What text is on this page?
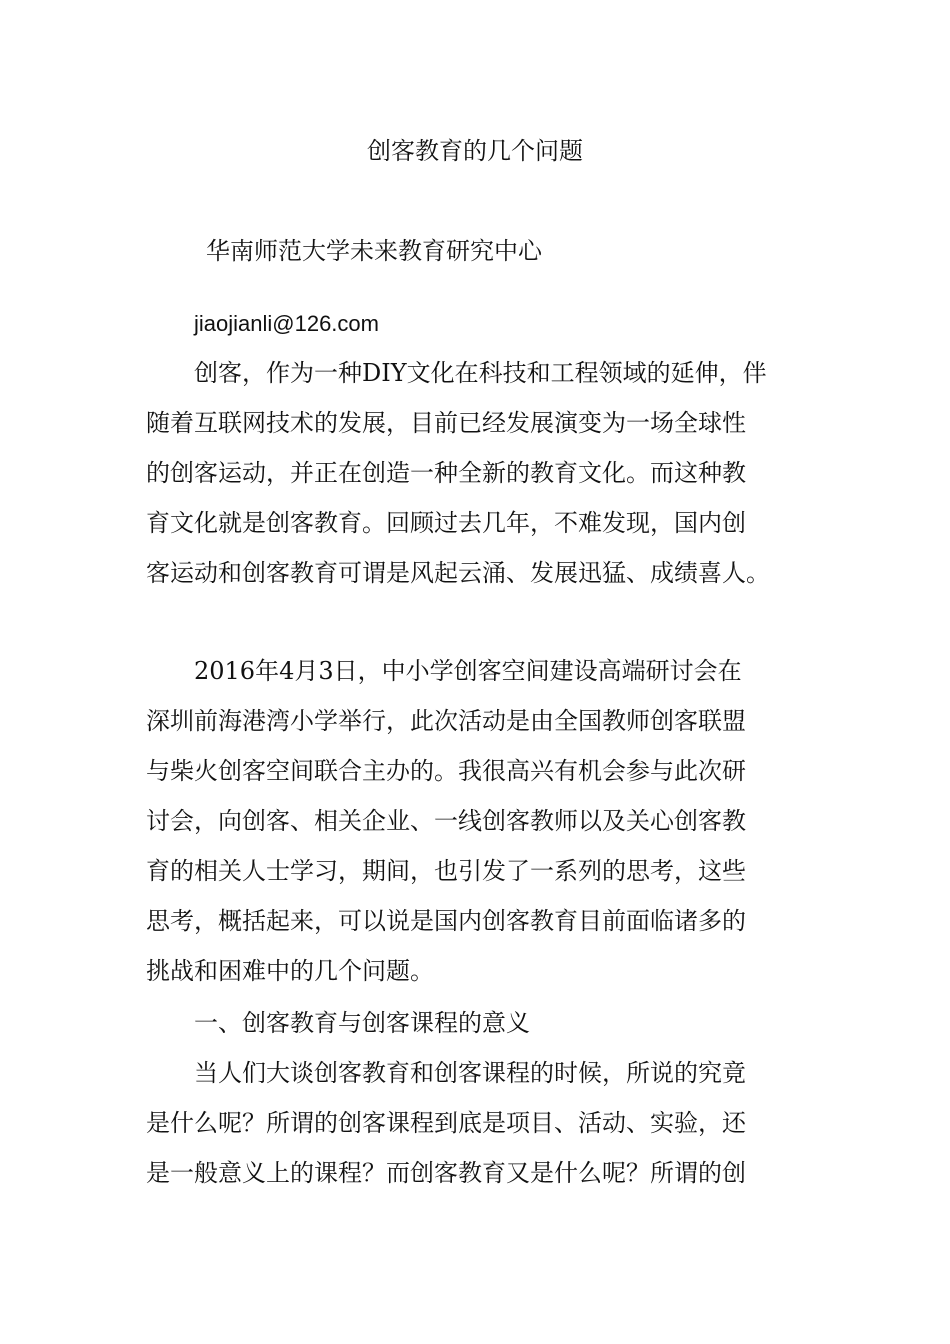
创客教育的几个问题
华南师范大学未来教育研究中心
jiaojianli@126.com
创客，作为一种DIY文化在科技和工程领域的延伸，伴
随着互联网技术的发展，目前已经发展演变为一场全球性
的创客运动，并正在创造一种全新的教育文化。而这种教
育文化就是创客教育。回顾过去几年，不难发现，国内创
客运动和创客教育可谓是风起云涌、发展迅猛、成绩喜人。
2016年4月3日，中小学创客空间建设高端研讨会在
深圳前海港湾小学举行，此次活动是由全国教师创客联盟
与柴火创客空间联合主办的。我很高兴有机会参与此次研
讨会，向创客、相关企业、一线创客教师以及关心创客教
育的相关人士学习，期间，也引发了一系列的思考，这些
思考，概括起来，可以说是国内创客教育目前面临诸多的
挑战和困难中的几个问题。
一、创客教育与创客课程的意义
当人们大谈创客教育和创客课程的时候，所说的究竟
是什么呢？所谓的创客课程到底是项目、活动、实验，还
是一般意义上的课程？而创客教育又是什么呢？所谓的创
